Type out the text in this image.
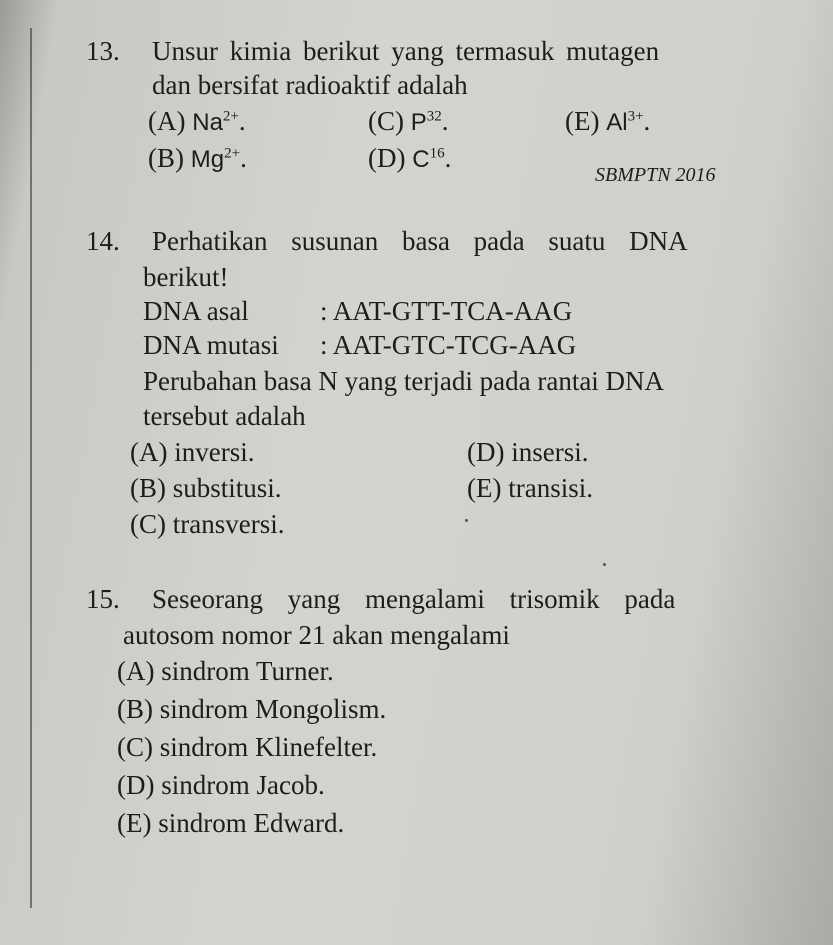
13. Unsur kimia berikut yang termasuk mutagen
dan bersifat radioaktif adalah
(A) $Na^{2+}$.	(C) $P^{32}$.	(E) $Al^{3+}$.
(B) $Mg^{2+}$.	(D) $C^{16}$.
SBMPTN 2016
14. Perhatikan susunan basa pada suatu DNA
berikut!
DNA asal	: AAT-GTT-TCA-AAG
DNA mutasi : AAT-GTC-TCG-AAG
Perubahan basa N yang terjadi pada rantai DNA
tersebut adalah
(A) inversi.	(D) insersi.
(B) substitusi.	(E) transisi.
(C) transversi.
15. Seseorang yang mengalami trisomik pada
autosom nomor 21 akan mengalami
(A) sindrom Turner.
(B) sindrom Mongolism.
(C) sindrom Klinefelter.
(D) sindrom Jacob.
(E) sindrom Edward.
